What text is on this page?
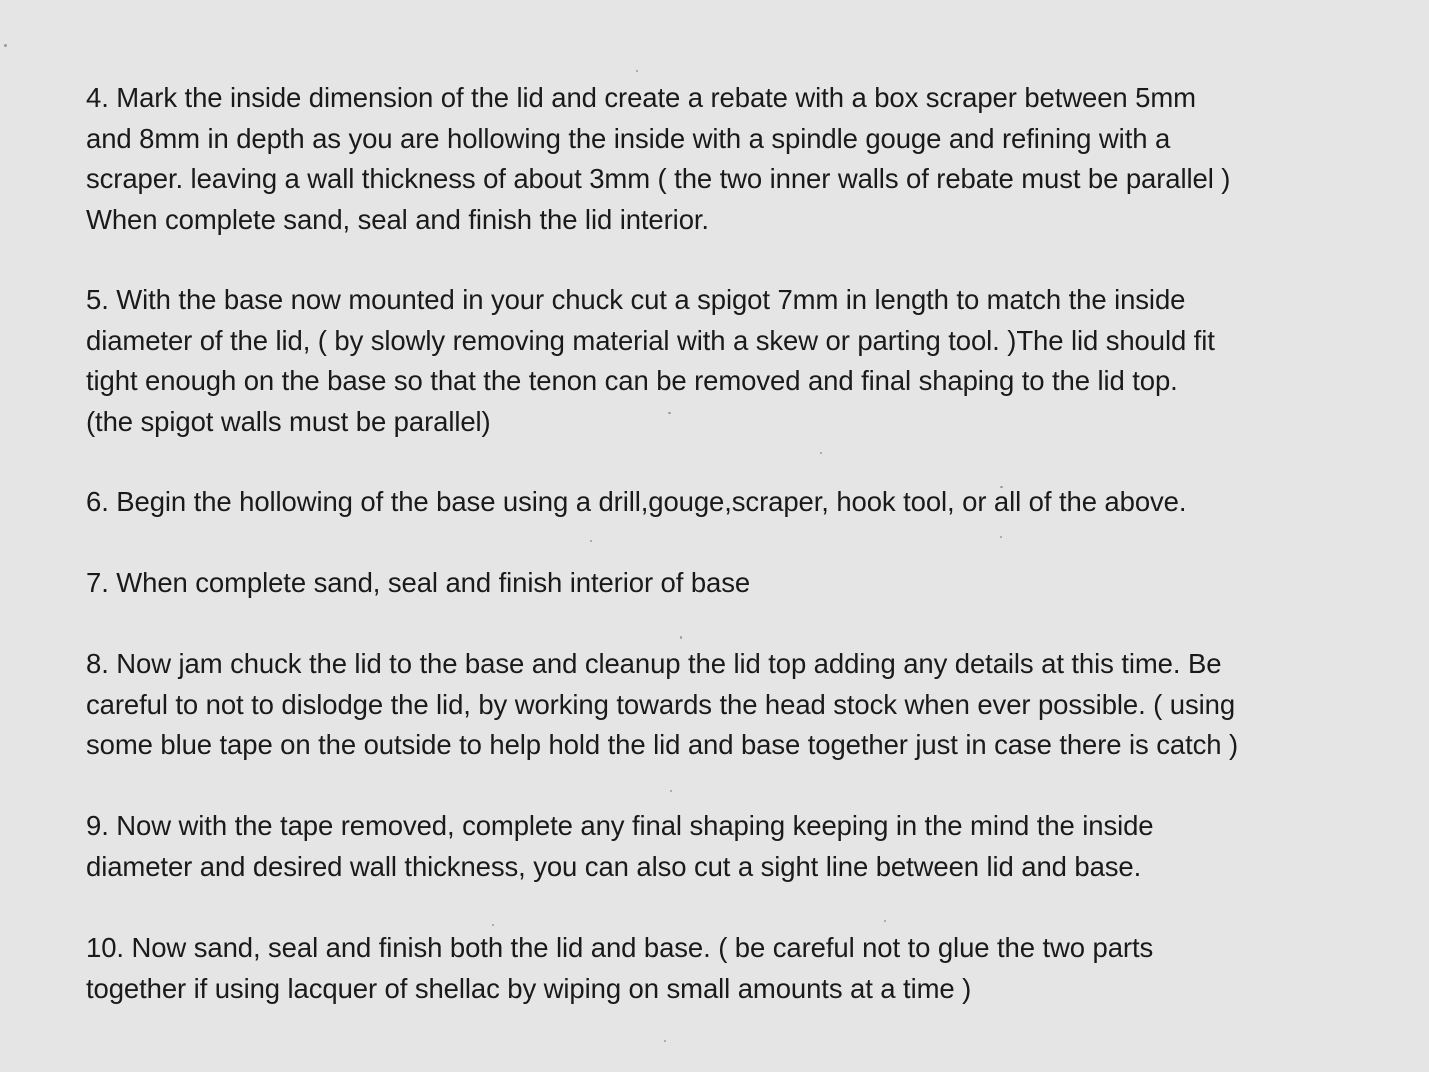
4. Mark the inside dimension of the lid and create a rebate with a box scraper between 5mm
and 8mm in depth as you are hollowing the inside with a spindle gouge and refining with a
scraper. leaving a wall thickness of about 3mm ( the two inner walls of rebate must be parallel )
When complete sand, seal and finish the lid interior.
5. With the base now mounted in your chuck cut a spigot 7mm in length to match the inside
diameter of the lid, ( by slowly removing material with a skew or parting tool. )The lid should fit
tight enough on the base so that the tenon can be removed and final shaping to the lid top.
(the spigot walls must be parallel)
6. Begin the hollowing of the base using a drill,gouge,scraper, hook tool, or all of the above.
7. When complete sand, seal and finish interior of base
8. Now jam chuck the lid to the base and cleanup the lid top adding any details at this time. Be
careful to not to dislodge the lid, by working towards the head stock when ever possible. ( using
some blue tape on the outside to help hold the lid and base together just in case there is catch )
9. Now with the tape removed, complete any final shaping keeping in the mind the inside
diameter and desired wall thickness, you can also cut a sight line between lid and base.
10. Now sand, seal and finish both the lid and base. ( be careful not to glue the two parts
together if using lacquer of shellac by wiping on small amounts at a time )
